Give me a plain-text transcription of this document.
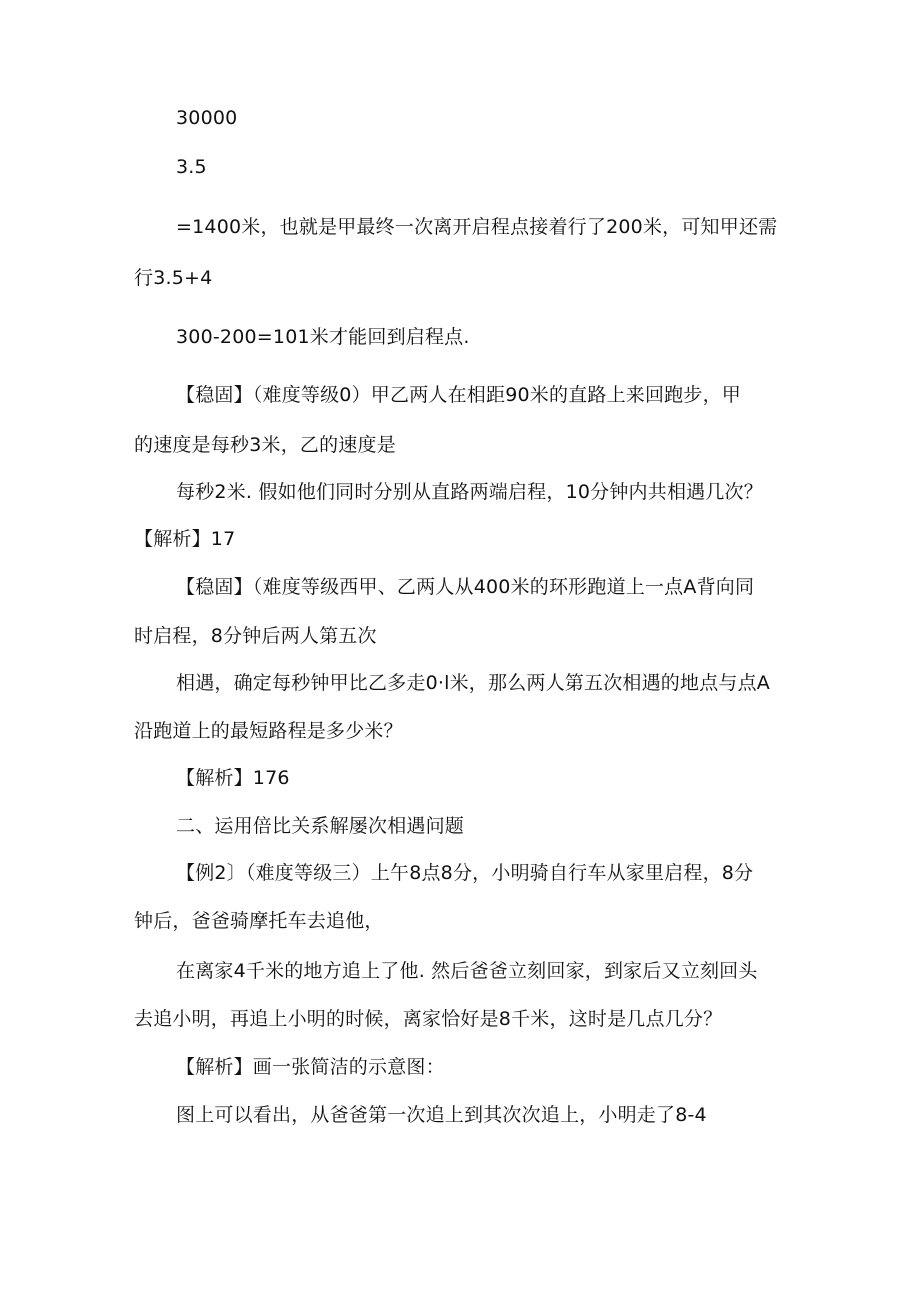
30000
3.5
=1400米，也就是甲最终一次离开启程点接着行了200米，可知甲还需
行3.5+4
300-200=101米才能回到启程点.
【稳固】（难度等级0）甲乙两人在相距90米的直路上来回跑步，甲
的速度是每秒3米，乙的速度是
每秒2米. 假如他们同时分别从直路两端启程，10分钟内共相遇几次？
【解析】17
【稳固】（难度等级西甲、乙两人从400米的环形跑道上一点A背向同
时启程，8分钟后两人第五次
相遇，确定每秒钟甲比乙多走0·l米，那么两人第五次相遇的地点与点A
沿跑道上的最短路程是多少米？
【解析】176
二、运用倍比关系解屡次相遇问题
【例2〕（难度等级三）上午8点8分，小明骑自行车从家里启程，8分
钟后，爸爸骑摩托车去追他，
在离家4千米的地方追上了他. 然后爸爸立刻回家，到家后又立刻回头
去追小明，再追上小明的时候，离家恰好是8千米，这时是几点几分？
【解析】画一张简洁的示意图：
图上可以看出，从爸爸第一次追上到其次次追上，小明走了8-4
